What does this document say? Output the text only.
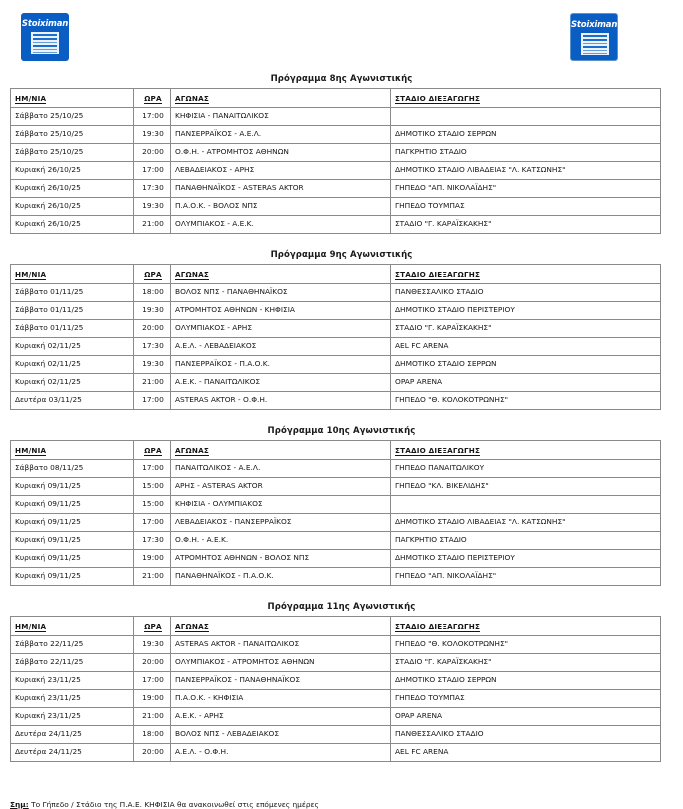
Stoiximan	Stoiximan
Πρόγραμμα 8ης Αγωνιστικής
ΗΜ/ΝΙΑ	ΩΡΑ	ΑΓΩΝΑΣ	ΣΤΑΔΙΟ ΔΙΕΞΑΓΩΓΗΣ
Σάββατο 25/10/25	17:00	ΚΗΦΙΣΙΑ - ΠΑΝΑΙΤΩΛΙΚΟΣ	
Σάββατο 25/10/25	19:30	ΠΑΝΣΕΡΡΑΪΚΟΣ - Α.Ε.Λ.	ΔΗΜΟΤΙΚΟ ΣΤΑΔΙΟ ΣΕΡΡΩΝ
Σάββατο 25/10/25	20:00	Ο.Φ.Η. - ΑΤΡΟΜΗΤΟΣ ΑΘΗΝΩΝ	ΠΑΓΚΡΗΤΙΟ ΣΤΑΔΙΟ
Κυριακή 26/10/25	17:00	ΛΕΒΑΔΕΙΑΚΟΣ - ΑΡΗΣ	ΔΗΜΟΤΙΚΟ ΣΤΑΔΙΟ ΛΙΒΑΔΕΙΑΣ "Λ. ΚΑΤΣΩΝΗΣ"
Κυριακή 26/10/25	17:30	ΠΑΝΑΘΗΝΑΪΚΟΣ - ASTERAS AKTOR	ΓΗΠΕΔΟ "ΑΠ. ΝΙΚΟΛΑΪΔΗΣ"
Κυριακή 26/10/25	19:30	Π.Α.Ο.Κ. - ΒΟΛΟΣ ΝΠΣ	ΓΗΠΕΔΟ ΤΟΥΜΠΑΣ
Κυριακή 26/10/25	21:00	ΟΛΥΜΠΙΑΚΟΣ - Α.Ε.Κ.	ΣΤΑΔΙΟ "Γ. ΚΑΡΑΪΣΚΑΚΗΣ"
Πρόγραμμα 9ης Αγωνιστικής
ΗΜ/ΝΙΑ	ΩΡΑ	ΑΓΩΝΑΣ	ΣΤΑΔΙΟ ΔΙΕΞΑΓΩΓΗΣ
Σάββατο 01/11/25	18:00	ΒΟΛΟΣ ΝΠΣ - ΠΑΝΑΘΗΝΑΪΚΟΣ	ΠΑΝΘΕΣΣΑΛΙΚΟ ΣΤΑΔΙΟ
Σάββατο 01/11/25	19:30	ΑΤΡΟΜΗΤΟΣ ΑΘΗΝΩΝ - ΚΗΦΙΣΙΑ	ΔΗΜΟΤΙΚΟ ΣΤΑΔΙΟ ΠΕΡΙΣΤΕΡΙΟΥ
Σάββατο 01/11/25	20:00	ΟΛΥΜΠΙΑΚΟΣ - ΑΡΗΣ	ΣΤΑΔΙΟ "Γ. ΚΑΡΑΪΣΚΑΚΗΣ"
Κυριακή 02/11/25	17:30	Α.Ε.Λ. - ΛΕΒΑΔΕΙΑΚΟΣ	AEL FC ARENA
Κυριακή 02/11/25	19:30	ΠΑΝΣΕΡΡΑΪΚΟΣ - Π.Α.Ο.Κ.	ΔΗΜΟΤΙΚΟ ΣΤΑΔΙΟ ΣΕΡΡΩΝ
Κυριακή 02/11/25	21:00	Α.Ε.Κ. - ΠΑΝΑΙΤΩΛΙΚΟΣ	OPAP ARENA
Δευτέρα 03/11/25	17:00	ASTERAS AKTOR - Ο.Φ.Η.	ΓΗΠΕΔΟ "Θ. ΚΟΛΟΚΟΤΡΩΝΗΣ"
Πρόγραμμα 10ης Αγωνιστικής
ΗΜ/ΝΙΑ	ΩΡΑ	ΑΓΩΝΑΣ	ΣΤΑΔΙΟ ΔΙΕΞΑΓΩΓΗΣ
Σάββατο 08/11/25	17:00	ΠΑΝΑΙΤΩΛΙΚΟΣ - Α.Ε.Λ.	ΓΗΠΕΔΟ ΠΑΝΑΙΤΩΛΙΚΟΥ
Κυριακή 09/11/25	15:00	ΑΡΗΣ - ASTERAS AKTOR	ΓΗΠΕΔΟ "ΚΛ. ΒΙΚΕΛΙΔΗΣ"
Κυριακή 09/11/25	15:00	ΚΗΦΙΣΙΑ - ΟΛΥΜΠΙΑΚΟΣ	
Κυριακή 09/11/25	17:00	ΛΕΒΑΔΕΙΑΚΟΣ - ΠΑΝΣΕΡΡΑΪΚΟΣ	ΔΗΜΟΤΙΚΟ ΣΤΑΔΙΟ ΛΙΒΑΔΕΙΑΣ "Λ. ΚΑΤΣΩΝΗΣ"
Κυριακή 09/11/25	17:30	Ο.Φ.Η. - Α.Ε.Κ.	ΠΑΓΚΡΗΤΙΟ ΣΤΑΔΙΟ
Κυριακή 09/11/25	19:00	ΑΤΡΟΜΗΤΟΣ ΑΘΗΝΩΝ - ΒΟΛΟΣ ΝΠΣ	ΔΗΜΟΤΙΚΟ ΣΤΑΔΙΟ ΠΕΡΙΣΤΕΡΙΟΥ
Κυριακή 09/11/25	21:00	ΠΑΝΑΘΗΝΑΪΚΟΣ - Π.Α.Ο.Κ.	ΓΗΠΕΔΟ "ΑΠ. ΝΙΚΟΛΑΪΔΗΣ"
Πρόγραμμα 11ης Αγωνιστικής
ΗΜ/ΝΙΑ	ΩΡΑ	ΑΓΩΝΑΣ	ΣΤΑΔΙΟ ΔΙΕΞΑΓΩΓΗΣ
Σάββατο 22/11/25	19:30	ASTERAS AKTOR - ΠΑΝΑΙΤΩΛΙΚΟΣ	ΓΗΠΕΔΟ "Θ. ΚΟΛΟΚΟΤΡΩΝΗΣ"
Σάββατο 22/11/25	20:00	ΟΛΥΜΠΙΑΚΟΣ - ΑΤΡΟΜΗΤΟΣ ΑΘΗΝΩΝ	ΣΤΑΔΙΟ "Γ. ΚΑΡΑΪΣΚΑΚΗΣ"
Κυριακή 23/11/25	17:00	ΠΑΝΣΕΡΡΑΪΚΟΣ - ΠΑΝΑΘΗΝΑΪΚΟΣ	ΔΗΜΟΤΙΚΟ ΣΤΑΔΙΟ ΣΕΡΡΩΝ
Κυριακή 23/11/25	19:00	Π.Α.Ο.Κ. - ΚΗΦΙΣΙΑ	ΓΗΠΕΔΟ ΤΟΥΜΠΑΣ
Κυριακή 23/11/25	21:00	Α.Ε.Κ. - ΑΡΗΣ	OPAP ARENA
Δευτέρα 24/11/25	18:00	ΒΟΛΟΣ ΝΠΣ - ΛΕΒΑΔΕΙΑΚΟΣ	ΠΑΝΘΕΣΣΑΛΙΚΟ ΣΤΑΔΙΟ
Δευτέρα 24/11/25	20:00	Α.Ε.Λ. - Ο.Φ.Η.	AEL FC ARENA
Σημ: Το Γήπεδο / Στάδιο της Π.Α.Ε. ΚΗΦΙΣΙΑ θα ανακοινωθεί στις επόμενες ημέρες
